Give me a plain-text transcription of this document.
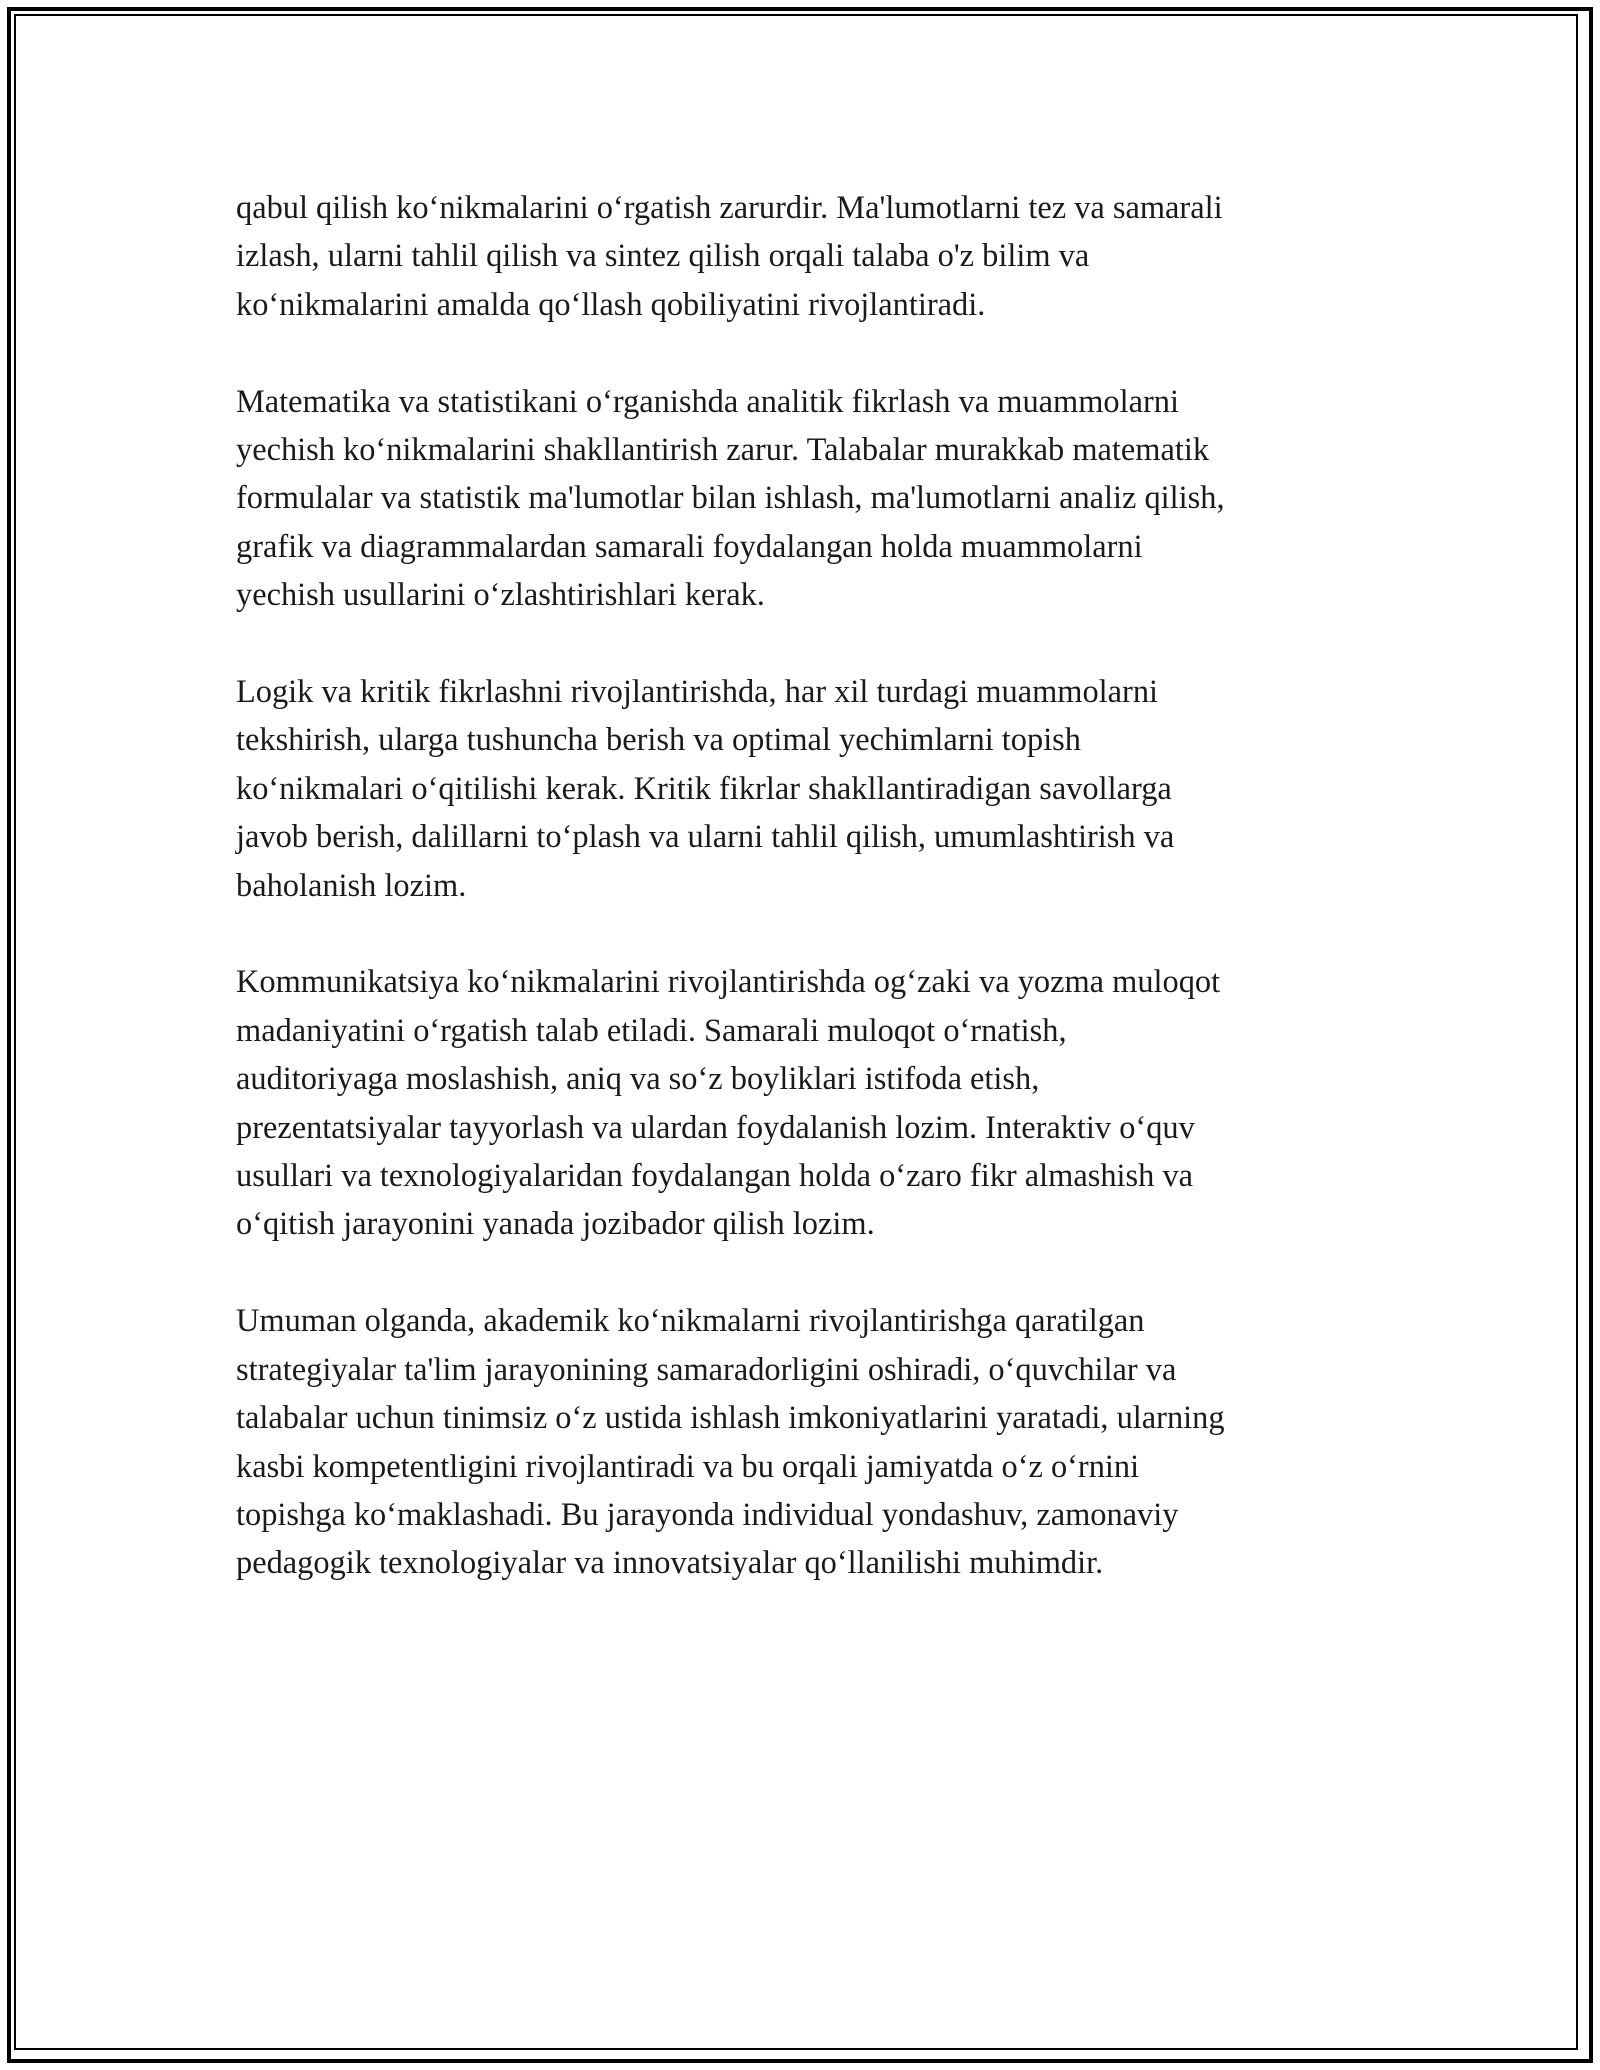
qabul qilish ko‘nikmalarini o‘rgatish zarurdir. Ma'lumotlarni tez va samarali
izlash, ularni tahlil qilish va sintez qilish orqali talaba o'z bilim va
ko‘nikmalarini amalda qo‘llash qobiliyatini rivojlantiradi.

Matematika va statistikani o‘rganishda analitik fikrlash va muammolarni
yechish ko‘nikmalarini shakllantirish zarur. Talabalar murakkab matematik
formulalar va statistik ma'lumotlar bilan ishlash, ma'lumotlarni analiz qilish,
grafik va diagrammalardan samarali foydalangan holda muammolarni
yechish usullarini o‘zlashtirishlari kerak.

Logik va kritik fikrlashni rivojlantirishda, har xil turdagi muammolarni
tekshirish, ularga tushuncha berish va optimal yechimlarni topish
ko‘nikmalari o‘qitilishi kerak. Kritik fikrlar shakllantiradigan savollarga
javob berish, dalillarni to‘plash va ularni tahlil qilish, umumlashtirish va
baholanish lozim.

Kommunikatsiya ko‘nikmalarini rivojlantirishda og‘zaki va yozma muloqot
madaniyatini o‘rgatish talab etiladi. Samarali muloqot o‘rnatish,
auditoriyaga moslashish, aniq va so‘z boyliklari istifoda etish,
prezentatsiyalar tayyorlash va ulardan foydalanish lozim. Interaktiv o‘quv
usullari va texnologiyalaridan foydalangan holda o‘zaro fikr almashish va
o‘qitish jarayonini yanada jozibador qilish lozim.

Umuman olganda, akademik ko‘nikmalarni rivojlantirishga qaratilgan
strategiyalar ta'lim jarayonining samaradorligini oshiradi, o‘quvchilar va
talabalar uchun tinimsiz o‘z ustida ishlash imkoniyatlarini yaratadi, ularning
kasbi kompetentligini rivojlantiradi va bu orqali jamiyatda o‘z o‘rnini
topishga ko‘maklashadi. Bu jarayonda individual yondashuv, zamonaviy
pedagogik texnologiyalar va innovatsiyalar qo‘llanilishi muhimdir.
